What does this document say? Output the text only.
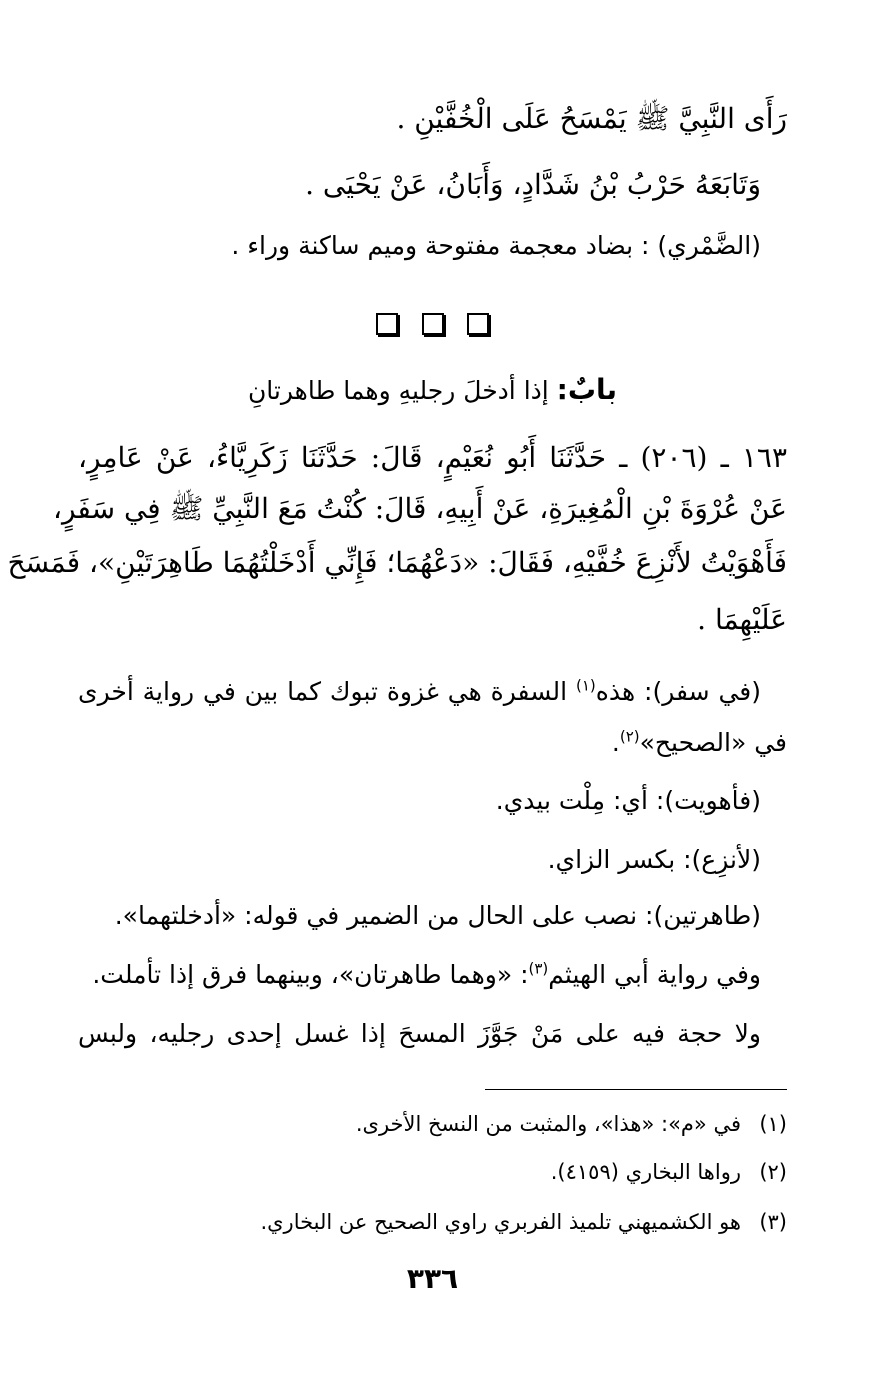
رَأَى النَّبِيَّ ﷺ يَمْسَحُ عَلَى الْخُفَّيْنِ .
وَتَابَعَهُ حَرْبُ بْنُ شَدَّادٍ، وَأَبَانُ، عَنْ يَحْيَى .
(الضَّمْري) : بضاد معجمة مفتوحة وميم ساكنة وراء .

بابٌ: إذا أدخلَ رجليهِ وهما طاهرتانِ
١٦٣ ـ (٢٠٦) ـ حَدَّثَنَا أَبُو نُعَيْمٍ، قَالَ: حَدَّثَنَا زَكَرِيَّاءُ، عَنْ عَامِرٍ،
عَنْ عُرْوَةَ بْنِ الْمُغِيرَةِ، عَنْ أَبِيهِ، قَالَ: كُنْتُ مَعَ النَّبِيِّ ﷺ فِي سَفَرٍ،
فَأَهْوَيْتُ لأَنْزِعَ خُفَّيْهِ، فَقَالَ: «دَعْهُمَا؛ فَإِنِّي أَدْخَلْتُهُمَا طَاهِرَتَيْنِ»، فَمَسَحَ
عَلَيْهِمَا .
(في سفر): هذه$^{(١)}$ السفرة هي غزوة تبوك كما بين في رواية أخرى
في «الصحيح»$^{(٢)}$.
(فأهويت): أي: مِلْت بيدي.
(لأنزِع): بكسر الزاي.
(طاهرتين): نصب على الحال من الضمير في قوله: «أدخلتهما».
وفي رواية أبي الهيثم$^{(٣)}$: «وهما طاهرتان»، وبينهما فرق إذا تأملت.
ولا حجة فيه على مَنْ جَوَّزَ المسحَ إذا غسل إحدى رجليه، ولبس
(١)في «م»: «هذا»، والمثبت من النسخ الأخرى.
(٢)رواها البخاري (٤١٥٩).
(٣)هو الكشميهني تلميذ الفربري راوي الصحيح عن البخاري.
٣٣٦
